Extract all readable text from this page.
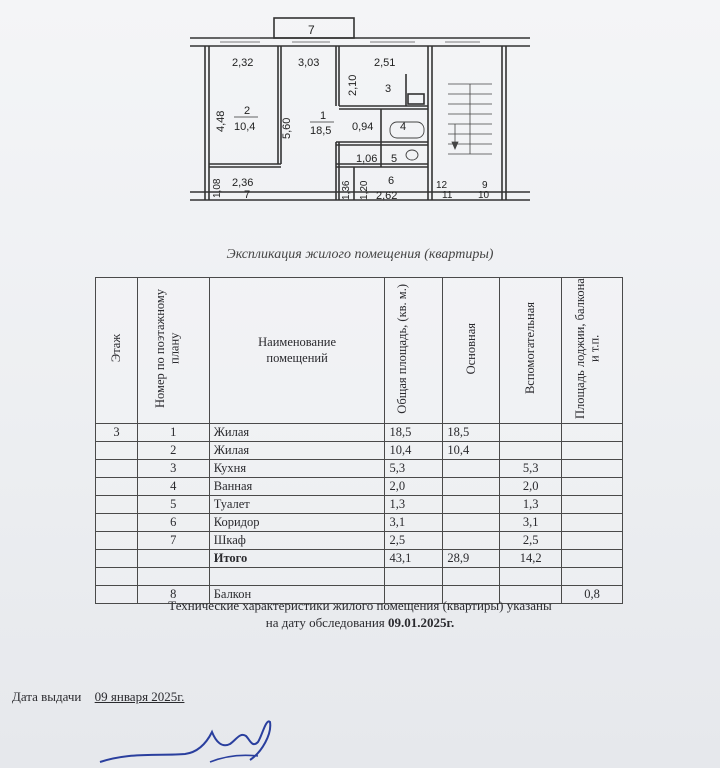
7
2,32	3,03	2,51
4,48	5,60
2,10
0,94
1,06
1,08 2,36	1,36 1,20 2,62
1
18,5
2
10,4
3
4
5
6
7
12
11
9
10
Экспликация жилого помещения (квартиры)
Этаж	Номер по поэтажному плану	Наименование помещений	Общая площадь, (кв. м.)	Основная	Вспомогательная	Площадь лоджии, балкона и т.п.
3	1	Жилая	18,5	18,5		
	2	Жилая	10,4	10,4		
	3	Кухня	5,3		5,3	
	4	Ванная	2,0		2,0	
	5	Туалет	1,3		1,3	
	6	Коридор	3,1		3,1	
	7	Шкаф	2,5		2,5	
		Итого	43,1	28,9	14,2	

	8	Балкон				0,8
Технические характеристики жилого помещения (квартиры) указаны
на дату обследования 09.01.2025г.
Дата выдачи 09 января 2025г.
